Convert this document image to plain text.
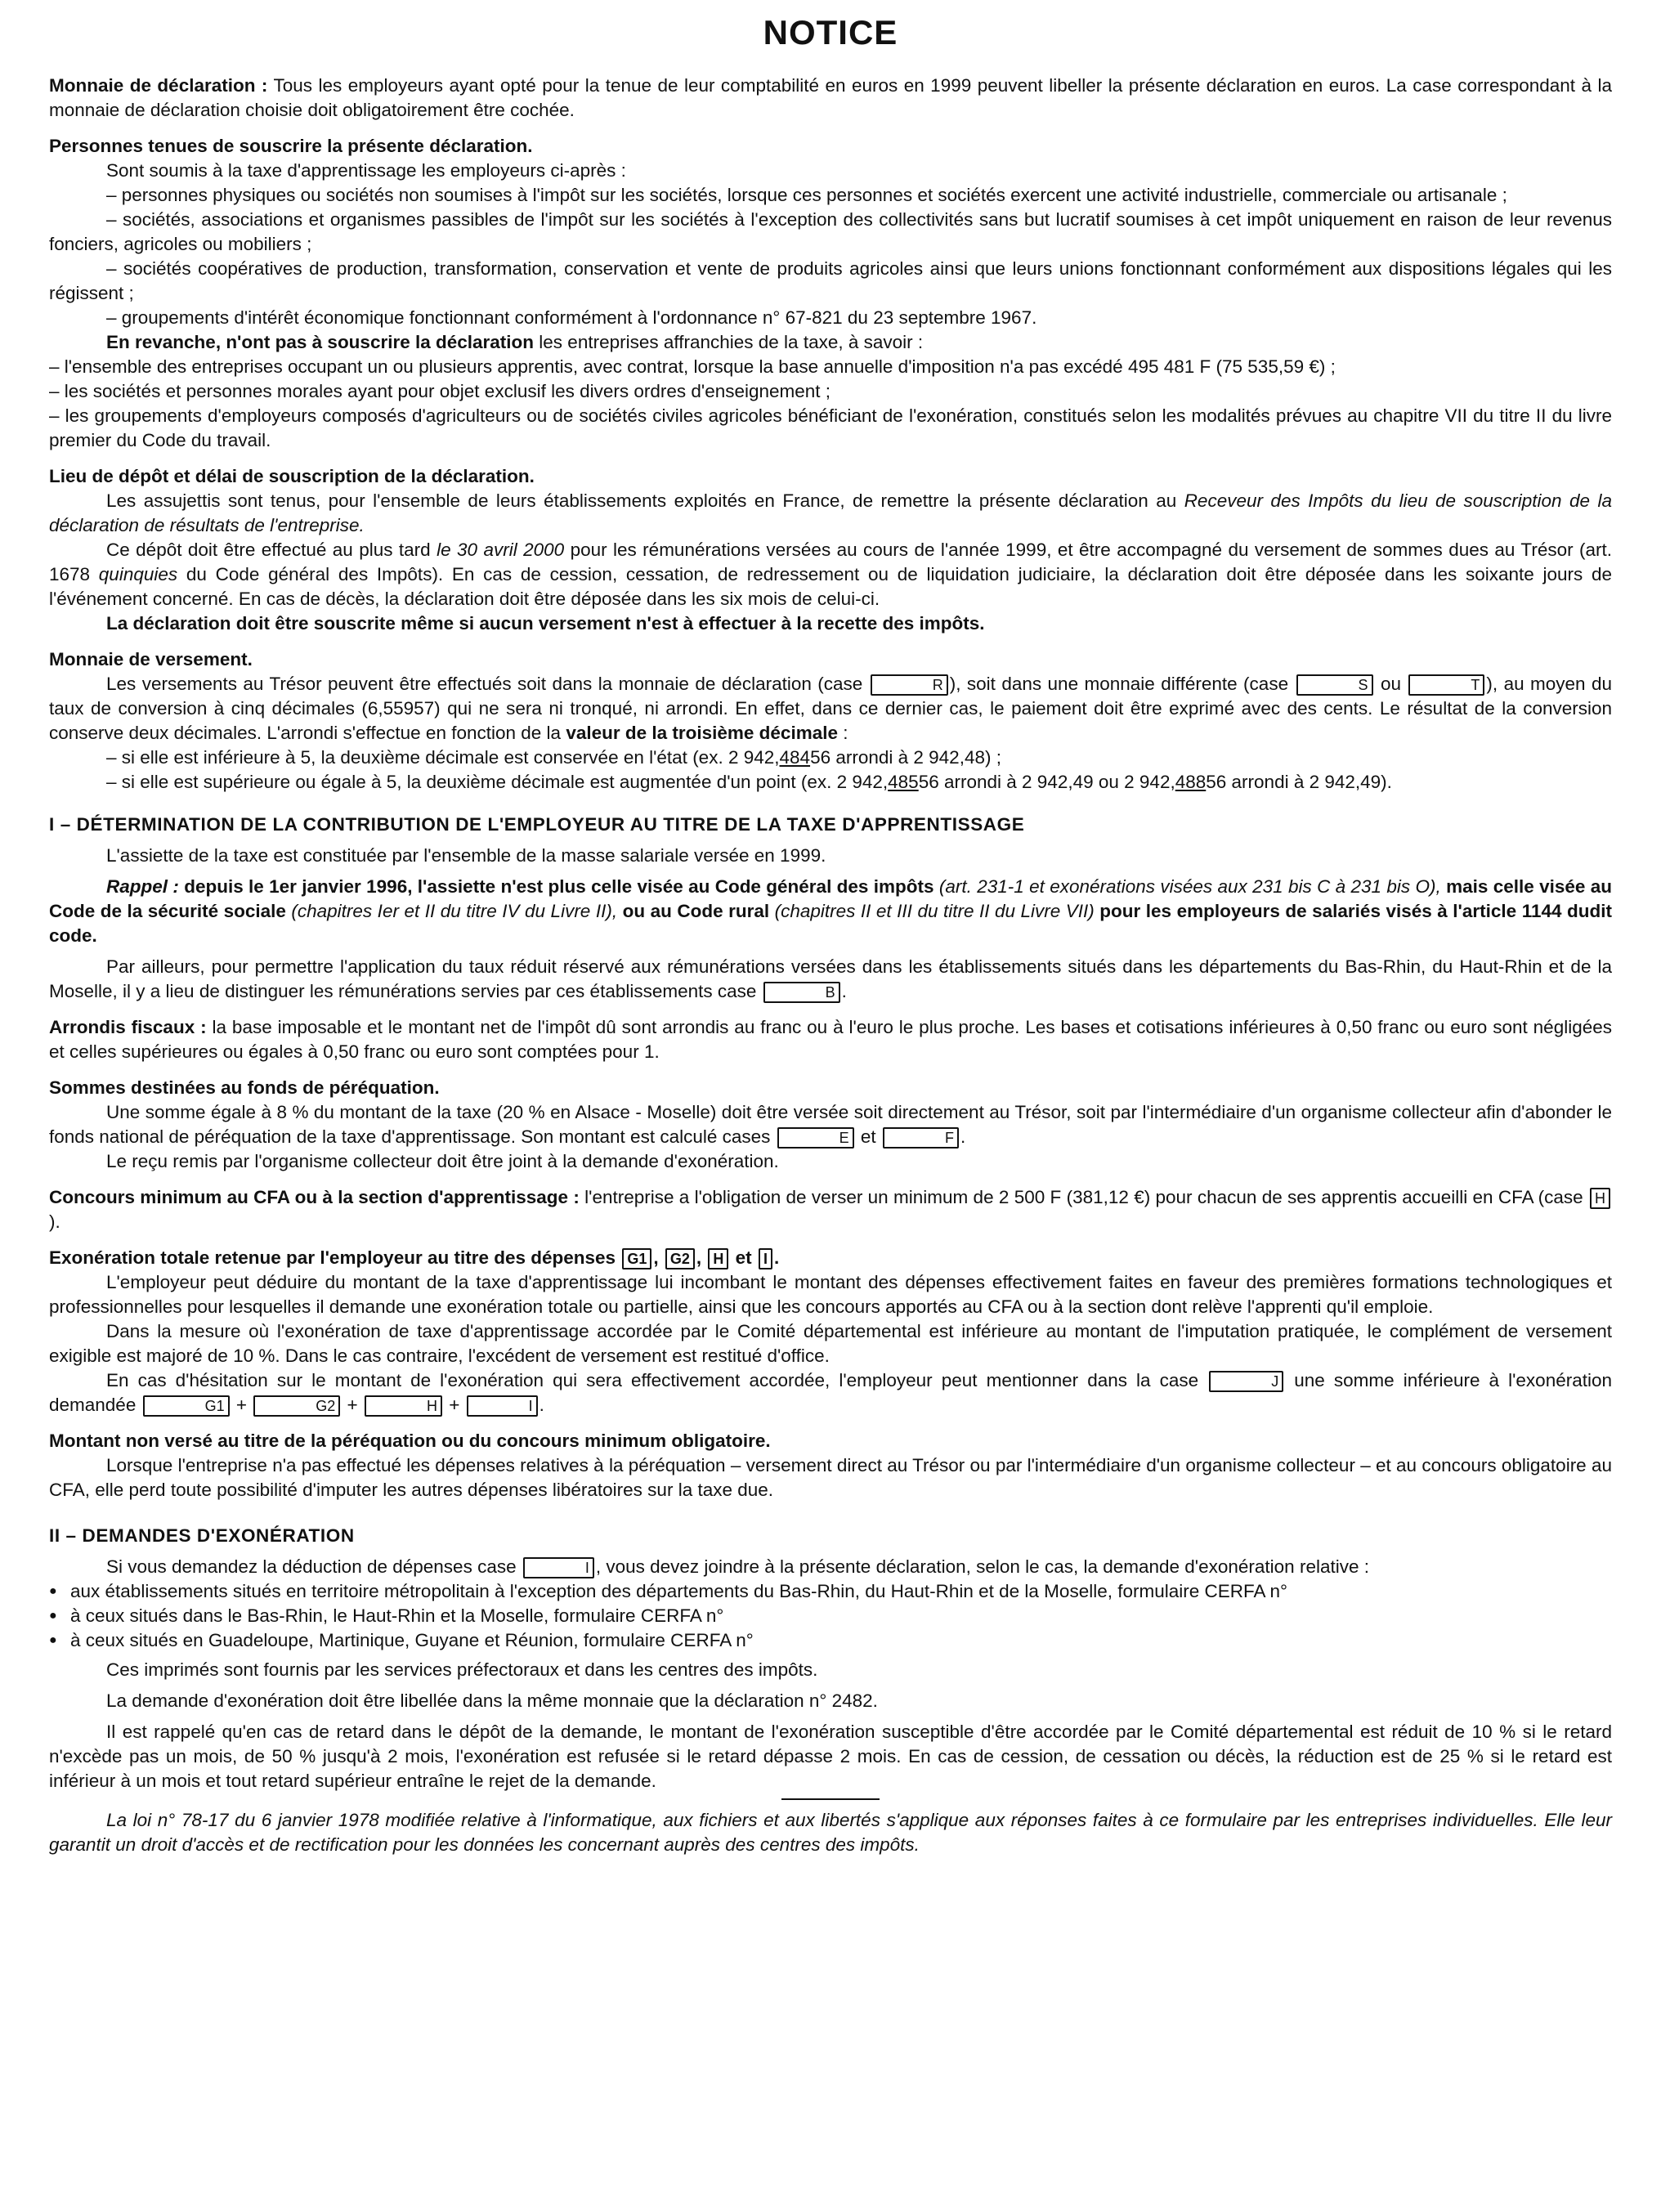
NOTICE

Monnaie de déclaration : Tous les employeurs ayant opté pour la tenue de leur comptabilité en euros en 1999 peuvent libeller la présente déclaration en euros. La case correspondant à la monnaie de déclaration choisie doit obligatoirement être cochée.

Personnes tenues de souscrire la présente déclaration.

Sont soumis à la taxe d'apprentissage les employeurs ci-après :

– personnes physiques ou sociétés non soumises à l'impôt sur les sociétés, lorsque ces personnes et sociétés exercent une activité industrielle, commerciale ou artisanale ;

– sociétés, associations et organismes passibles de l'impôt sur les sociétés à l'exception des collectivités sans but lucratif soumises à cet impôt uniquement en raison de leur revenus fonciers, agricoles ou mobiliers ;

– sociétés coopératives de production, transformation, conservation et vente de produits agricoles ainsi que leurs unions fonctionnant conformément aux dispositions légales qui les régissent ;

– groupements d'intérêt économique fonctionnant conformément à l'ordonnance n° 67-821 du 23 septembre 1967.

En revanche, n'ont pas à souscrire la déclaration les entreprises affranchies de la taxe, à savoir :

– l'ensemble des entreprises occupant un ou plusieurs apprentis, avec contrat, lorsque la base annuelle d'imposition n'a pas excédé 495 481 F (75 535,59 €) ;

– les sociétés et personnes morales ayant pour objet exclusif les divers ordres d'enseignement ;

– les groupements d'employeurs composés d'agriculteurs ou de sociétés civiles agricoles bénéficiant de l'exonération, constitués selon les modalités prévues au chapitre VII du titre II du livre premier du Code du travail.

Lieu de dépôt et délai de souscription de la déclaration.

Les assujettis sont tenus, pour l'ensemble de leurs établissements exploités en France, de remettre la présente déclaration au Receveur des Impôts du lieu de souscription de la déclaration de résultats de l'entreprise.

Ce dépôt doit être effectué au plus tard le 30 avril 2000 pour les rémunérations versées au cours de l'année 1999, et être accompagné du versement de sommes dues au Trésor (art. 1678 quinquies du Code général des Impôts). En cas de cession, cessation, de redressement ou de liquidation judiciaire, la déclaration doit être déposée dans les soixante jours de l'événement concerné. En cas de décès, la déclaration doit être déposée dans les six mois de celui-ci.

La déclaration doit être souscrite même si aucun versement n'est à effectuer à la recette des impôts.

Monnaie de versement.

Les versements au Trésor peuvent être effectués soit dans la monnaie de déclaration (case	R ), soit dans une monnaie différente (case	S ou	T ), au moyen du taux de conversion à cinq décimales (6,55957) qui ne sera ni tronqué, ni arrondi. En effet, dans ce dernier cas, le paiement doit être exprimé avec des cents. Le résultat de la conversion conserve deux décimales. L'arrondi s'effectue en fonction de la valeur de la troisième décimale :

– si elle est inférieure à 5, la deuxième décimale est conservée en l'état (ex. 2 942,48456 arrondi à 2 942,48) ;

– si elle est supérieure ou égale à 5, la deuxième décimale est augmentée d'un point (ex. 2 942,48556 arrondi à 2 942,49 ou 2 942,48856 arrondi à 2 942,49).

I – DÉTERMINATION DE LA CONTRIBUTION DE L'EMPLOYEUR AU TITRE DE LA TAXE D'APPRENTISSAGE

L'assiette de la taxe est constituée par l'ensemble de la masse salariale versée en 1999.

Rappel : depuis le 1er janvier 1996, l'assiette n'est plus celle visée au Code général des impôts (art. 231-1 et exonérations visées aux 231 bis C à 231 bis O), mais celle visée au Code de la sécurité sociale (chapitres Ier et II du titre IV du Livre II), ou au Code rural (chapitres II et III du titre II du Livre VII) pour les employeurs de salariés visés à l'article 1144 dudit code.

Par ailleurs, pour permettre l'application du taux réduit réservé aux rémunérations versées dans les établissements situés dans les départements du Bas-Rhin, du Haut-Rhin et de la Moselle, il y a lieu de distinguer les rémunérations servies par ces établissements case	B .

Arrondis fiscaux : la base imposable et le montant net de l'impôt dû sont arrondis au franc ou à l'euro le plus proche. Les bases et cotisations inférieures à 0,50 franc ou euro sont négligées et celles supérieures ou égales à 0,50 franc ou euro sont comptées pour 1.

Sommes destinées au fonds de péréquation.

Une somme égale à 8 % du montant de la taxe (20 % en Alsace - Moselle) doit être versée soit directement au Trésor, soit par l'intermédiaire d'un organisme collecteur afin d'abonder le fonds national de péréquation de la taxe d'apprentissage. Son montant est calculé cases	E et	F .

Le reçu remis par l'organisme collecteur doit être joint à la demande d'exonération.

Concours minimum au CFA ou à la section d'apprentissage : l'entreprise a l'obligation de verser un minimum de 2 500 F (381,12 €) pour chacun de ses apprentis accueilli en CFA (case H).

Exonération totale retenue par l'employeur au titre des dépenses G1 , G2 , H et I .

L'employeur peut déduire du montant de la taxe d'apprentissage lui incombant le montant des dépenses effectivement faites en faveur des premières formations technologiques et professionnelles pour lesquelles il demande une exonération totale ou partielle, ainsi que les concours apportés au CFA ou à la section dont relève l'apprenti qu'il emploie.

Dans la mesure où l'exonération de taxe d'apprentissage accordée par le Comité départemental est inférieure au montant de l'imputation pratiquée, le complément de versement exigible est majoré de 10 %. Dans le cas contraire, l'excédent de versement est restitué d'office.

En cas d'hésitation sur le montant de l'exonération qui sera effectivement accordée, l'employeur peut mentionner dans la case	J une somme inférieure à l'exonération demandée	G1 +	G2 +	H +	I .

Montant non versé au titre de la péréquation ou du concours minimum obligatoire.

Lorsque l'entreprise n'a pas effectué les dépenses relatives à la péréquation – versement direct au Trésor ou par l'intermédiaire d'un organisme collecteur – et au concours obligatoire au CFA, elle perd toute possibilité d'imputer les autres dépenses libératoires sur la taxe due.

II – DEMANDES D'EXONÉRATION

Si vous demandez la déduction de dépenses case	I , vous devez joindre à la présente déclaration, selon le cas, la demande d'exonération relative :

● aux établissements situés en territoire métropolitain à l'exception des départements du Bas-Rhin, du Haut-Rhin et de la Moselle, formulaire CERFA n°

● à ceux situés dans le Bas-Rhin, le Haut-Rhin et la Moselle, formulaire CERFA n°

● à ceux situés en Guadeloupe, Martinique, Guyane et Réunion, formulaire CERFA n°

Ces imprimés sont fournis par les services préfectoraux et dans les centres des impôts.

La demande d'exonération doit être libellée dans la même monnaie que la déclaration n° 2482.

Il est rappelé qu'en cas de retard dans le dépôt de la demande, le montant de l'exonération susceptible d'être accordée par le Comité départemental est réduit de 10 % si le retard n'excède pas un mois, de 50 % jusqu'à 2 mois, l'exonération est refusée si le retard dépasse 2 mois. En cas de cession, de cessation ou décès, la réduction est de 25 % si le retard est inférieur à un mois et tout retard supérieur entraîne le rejet de la demande.

La loi n° 78-17 du 6 janvier 1978 modifiée relative à l'informatique, aux fichiers et aux libertés s'applique aux réponses faites à ce formulaire par les entreprises individuelles. Elle leur garantit un droit d'accès et de rectification pour les données les concernant auprès des centres des impôts.
